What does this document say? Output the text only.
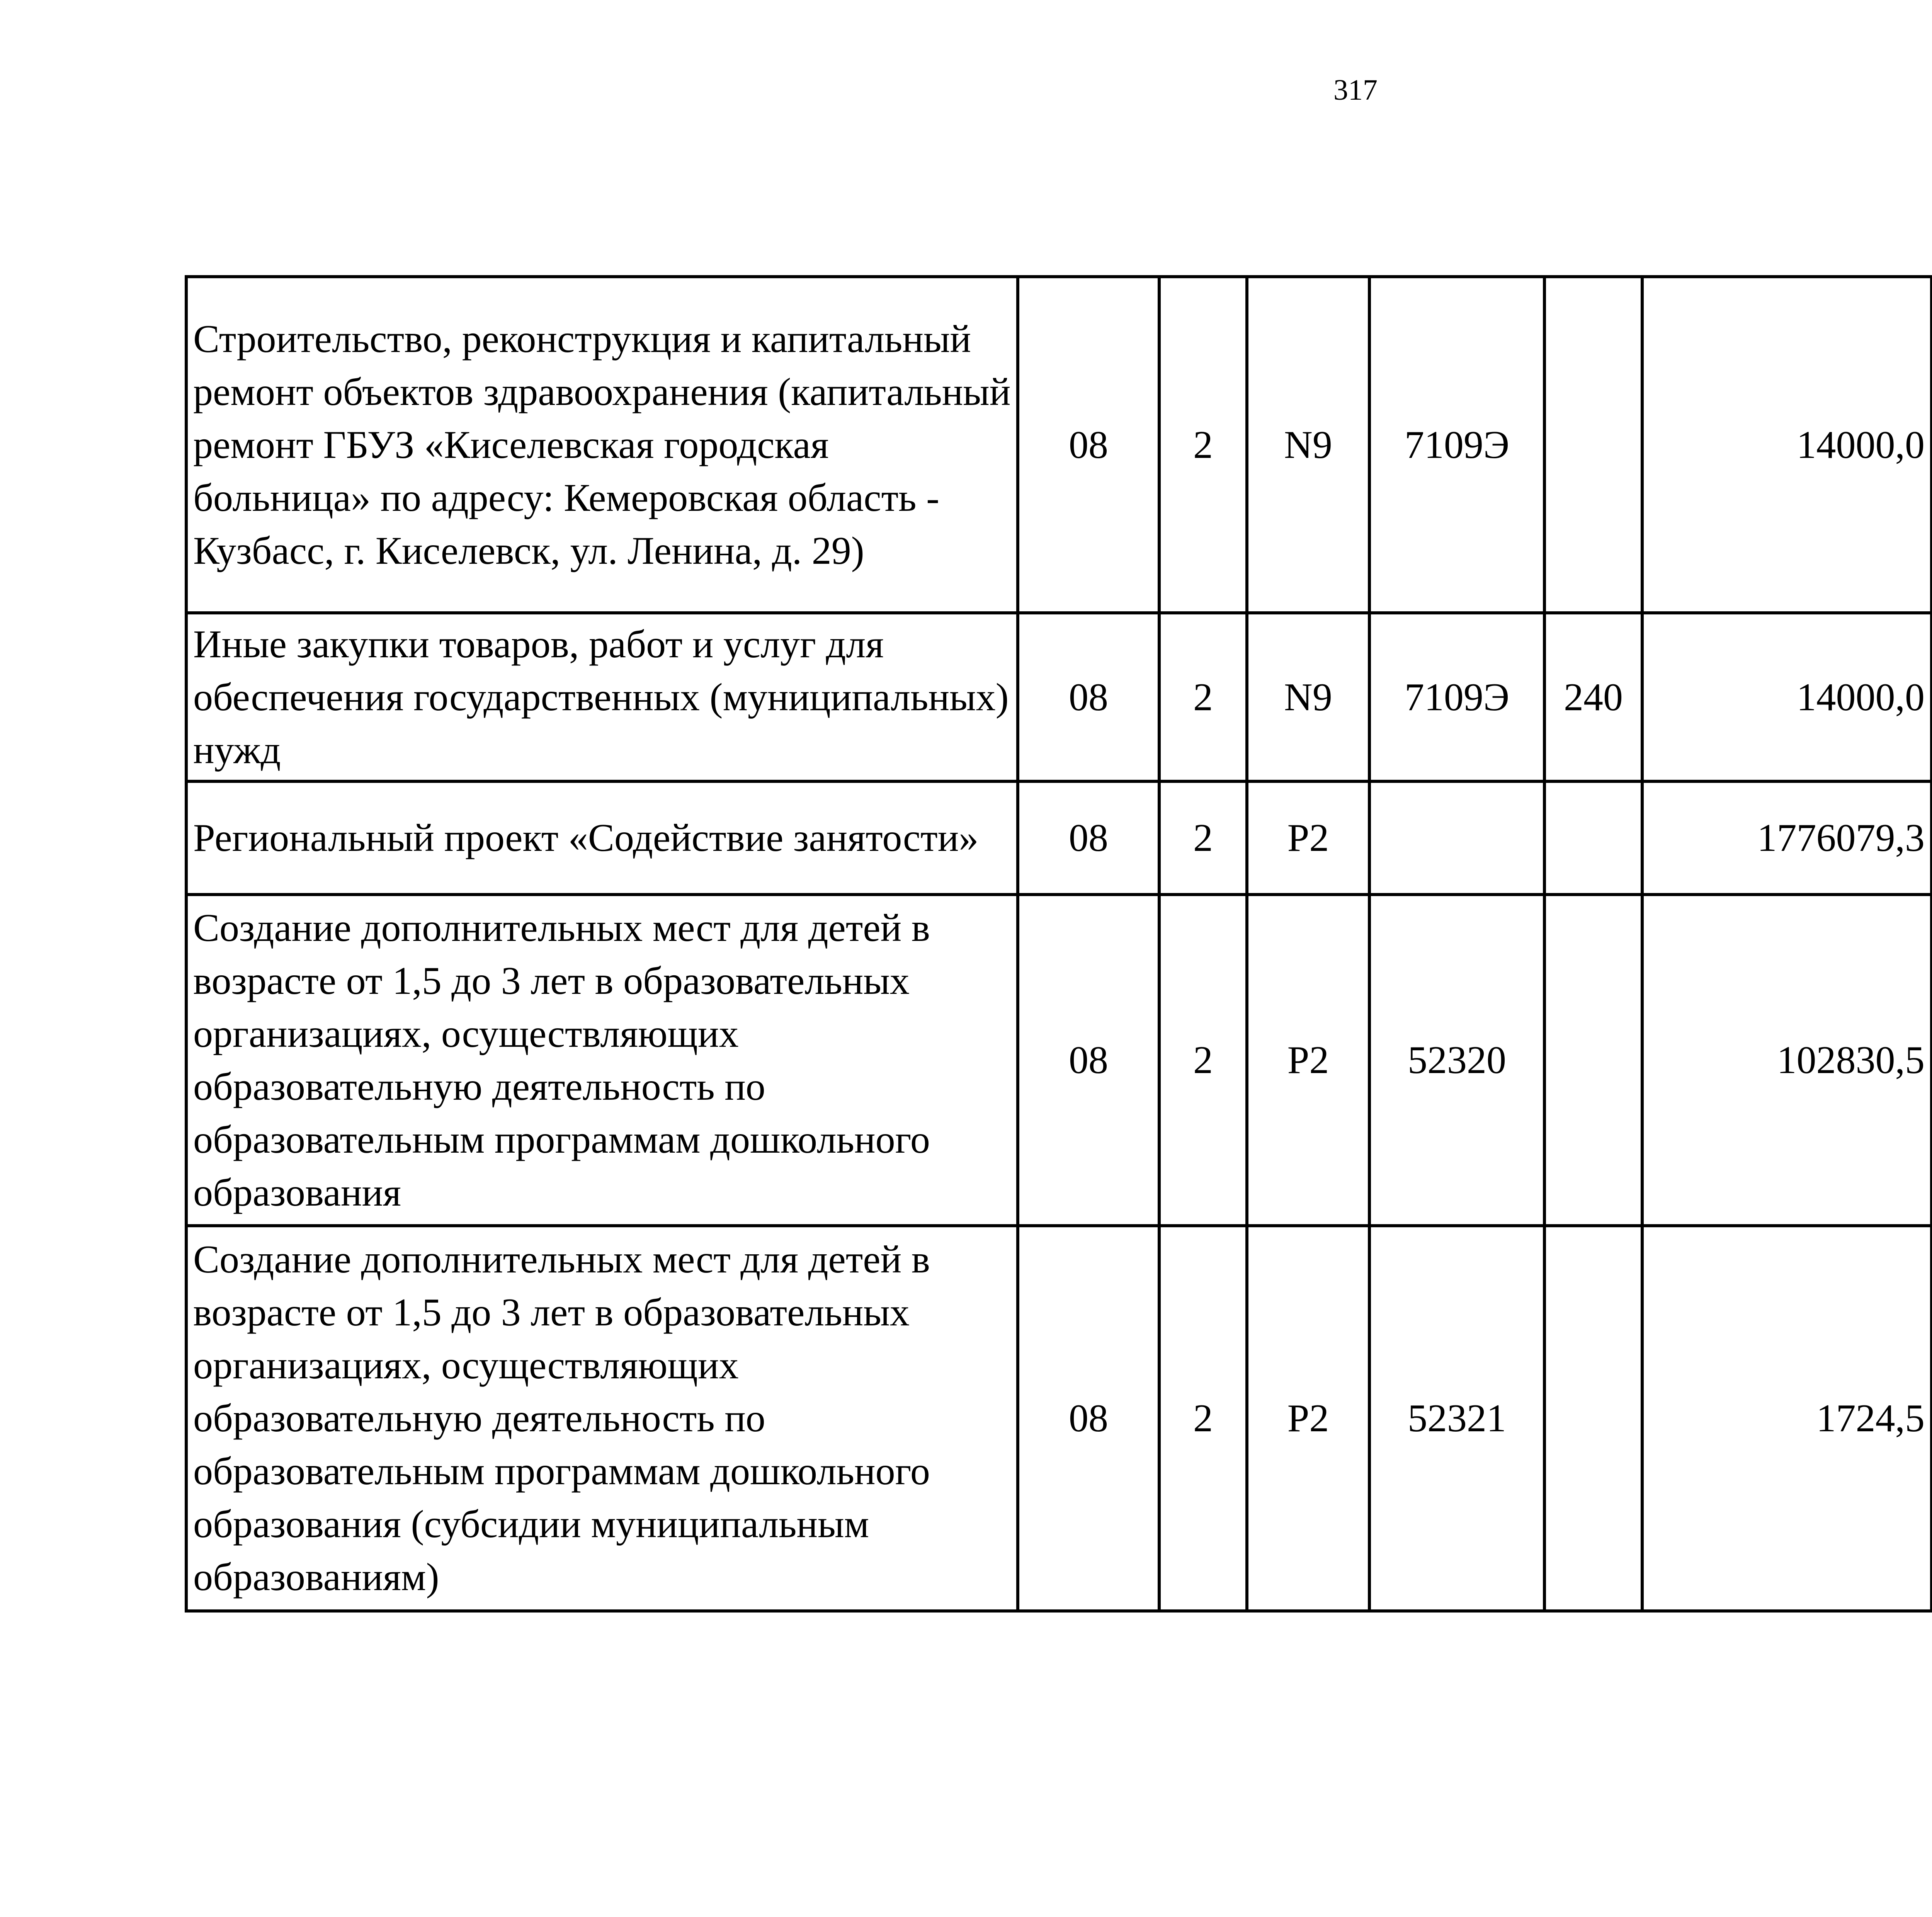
317
Строительство, реконструкция и капитальный ремонт объектов здравоохранения (капитальный ремонт ГБУЗ «Киселевская городская больница» по адресу: Кемеровская область - Кузбасс, г. Киселевск, ул. Ленина, д. 29)	08	2	N9	7109Э		14000,0		
Иные закупки товаров, работ и услуг для обеспечения государственных (муниципальных) нужд	08	2	N9	7109Э	240	14000,0		
Региональный проект «Содействие занятости»	08	2	P2			1776079,3		
Создание дополнительных мест для детей в возрасте от 1,5 до 3 лет в образовательных организациях, осуществляющих образовательную деятельность по образовательным программам дошкольного образования	08	2	P2	52320		102830,5		
Создание дополнительных мест для детей в возрасте от 1,5 до 3 лет в образовательных организациях, осуществляющих образовательную деятельность по образовательным программам дошкольного образования (субсидии муниципальным образованиям)	08	2	P2	52321		1724,5		
